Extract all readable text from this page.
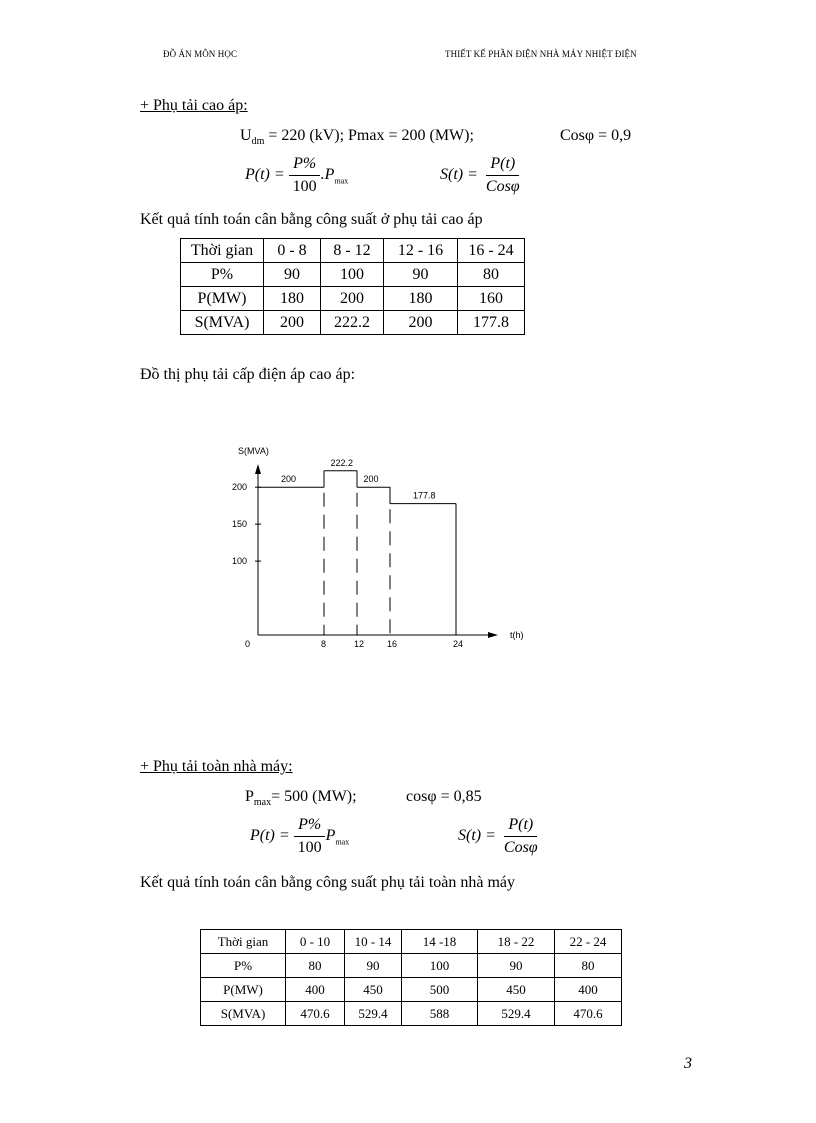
ĐỒ ÁN MÔN HỌC	THIẾT KẾ PHẦN ĐIỆN NHÀ MÁY NHIỆT ĐIỆN
+ Phụ tải cao áp:
$U_{dm} = 220$ (kV); Pmax = 200 (MW);	Cosφ = 0,9
$P(t) = \frac{P\%}{100} .P_{max}$	$S(t) = \frac{P(t)}{\text{Cosφ}}$
Kết quả tính toán cân bằng công suất ở phụ tải cao áp
Thời gian	0 - 8	8 - 12	12 - 16	16 - 24
P%	90	100	90	80
P(MW)	180	200	180	160
S(MVA)	200	222.2	200	177.8
Đồ thị phụ tải cấp điện áp cao áp:
S(MVA)
t(h)
100
150
200
0	8	12	16	24
200
222.2
200
177.8
+ Phụ tải toàn nhà máy:
$P_{max}= 500$ (MW);	cosφ = 0,85
$P(t) = \frac{P\%}{100} P_{max}$	$S(t) = \frac{P(t)}{\text{Cosφ}}$
Kết quả tính toán cân bằng công suất phụ tải toàn nhà máy
Thời gian	0 - 10	10 - 14	14 -18	18 - 22	22 - 24
P%	80	90	100	90	80
P(MW)	400	450	500	450	400
S(MVA)	470.6	529.4	588	529.4	470.6
3
